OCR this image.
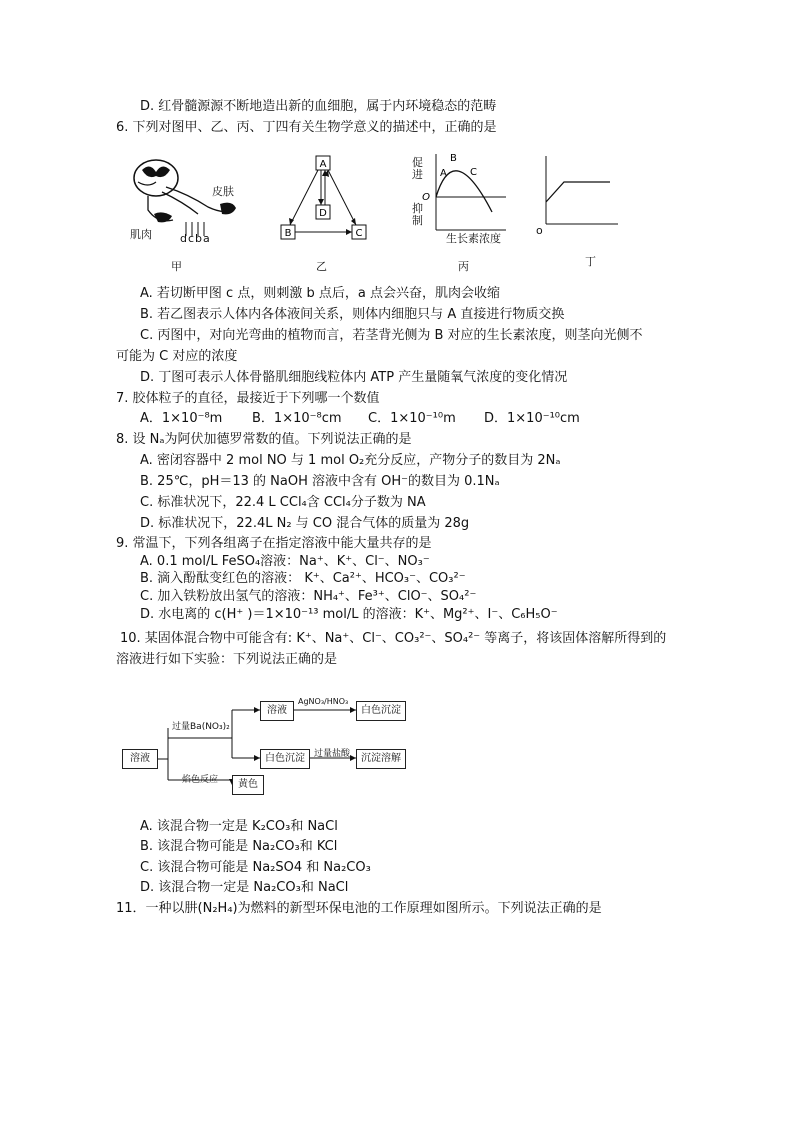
D. 红骨髓源源不断地造出新的血细胞，属于内环境稳态的范畴
6. 下列对图甲、乙、丙、丁四有关生物学意义的描述中，正确的是
皮肤
肌肉	dcba
甲
A
B	C
D
乙
O
A
B
C
促进
抑制
生长素浓度
丙
o
丁
A. 若切断甲图 c 点，则刺激 b 点后，a 点会兴奋，肌肉会收缩
B. 若乙图表示人体内各体液间关系，则体内细胞只与 A 直接进行物质交换
C. 丙图中，对向光弯曲的植物而言，若茎背光侧为 B 对应的生长素浓度，则茎向光侧不
可能为 C 对应的浓度
D. 丁图可表示人体骨骼肌细胞线粒体内 ATP 产生量随氧气浓度的变化情况
7. 胶体粒子的直径，最接近于下列哪一个数值
A．1×10⁻⁸m B．1×10⁻⁸cm C．1×10⁻¹⁰m D．1×10⁻¹⁰cm
8. 设 Nₐ为阿伏加德罗常数的值。下列说法正确的是
A. 密闭容器中 2 mol NO 与 1 mol O₂充分反应，产物分子的数目为 2Nₐ
B. 25℃，pH＝13 的 NaOH 溶液中含有 OH⁻的数目为 0.1Nₐ
C. 标准状况下，22.4 L CCl₄含 CCl₄分子数为 NA
D. 标准状况下，22.4L N₂ 与 CO 混合气体的质量为 28g
9. 常温下，下列各组离子在指定溶液中能大量共存的是
A. 0.1 mol/L FeSO₄溶液：Na⁺、K⁺、Cl⁻、NO₃⁻
B. 滴入酚酞变红色的溶液： K⁺、Ca²⁺、HCO₃⁻、CO₃²⁻
C. 加入铁粉放出氢气的溶液：NH₄⁺、Fe³⁺、ClO⁻、SO₄²⁻
D. 水电离的 c(H⁺ )＝1×10⁻¹³ mol/L 的溶液：K⁺、Mg²⁺、I⁻、C₆H₅O⁻
10. 某固体混合物中可能含有: K⁺、Na⁺、Cl⁻、CO₃²⁻、SO₄²⁻ 等离子，将该固体溶解所得到的
溶液进行如下实验：下列说法正确的是
溶液
过量Ba(NO₃)₂
溶液
AgNO₃/HNO₃
白色沉淀
白色沉淀	过量盐酸	沉淀溶解
焰色反应	黄色
A. 该混合物一定是 K₂CO₃和 NaCl
B. 该混合物可能是 Na₂CO₃和 KCl
C. 该混合物可能是 Na₂SO4 和 Na₂CO₃
D. 该混合物一定是 Na₂CO₃和 NaCl
11．一种以肼(N₂H₄)为燃料的新型环保电池的工作原理如图所示。下列说法正确的是
